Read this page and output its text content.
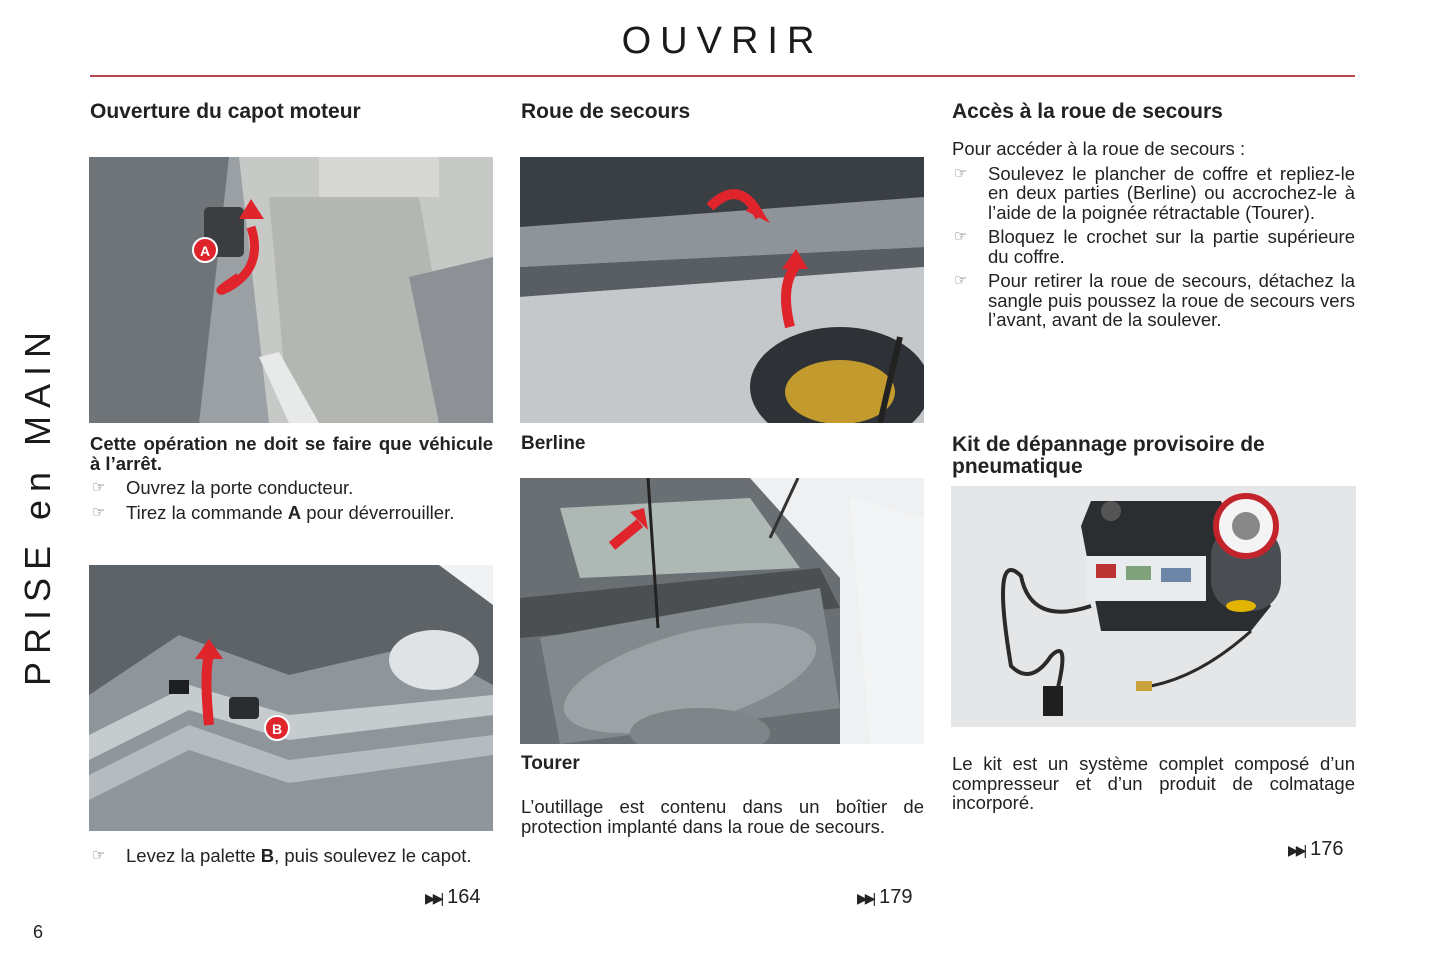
OUVRIR
PRISE en MAIN
6
Ouverture du capot moteur
A
Cette opération ne doit se faire que véhicule à l’arrêt.
☞ Ouvrez la porte conducteur.
☞ Tirez la commande A pour déverrouiller.
B
☞ Levez la palette B, puis soulevez le capot.
▶▶| 164
Roue de secours
Berline
Tourer
L’outillage est contenu dans un boîtier de protection implanté dans la roue de secours.
▶▶| 179
Accès à la roue de secours
Pour accéder à la roue de secours :
☞ Soulevez le plancher de coffre et repliez-le en deux parties (Berline) ou accrochez-le à l’aide de la poignée rétractable (Tourer).
☞ Bloquez le crochet sur la partie supérieure du coffre.
☞ Pour retirer la roue de secours, détachez la sangle puis poussez la roue de secours vers l’avant, avant de la soulever.
Kit de dépannage provisoire de pneumatique
Le kit est un système complet composé d’un compresseur et d’un produit de colmatage incorporé.
▶▶| 176
